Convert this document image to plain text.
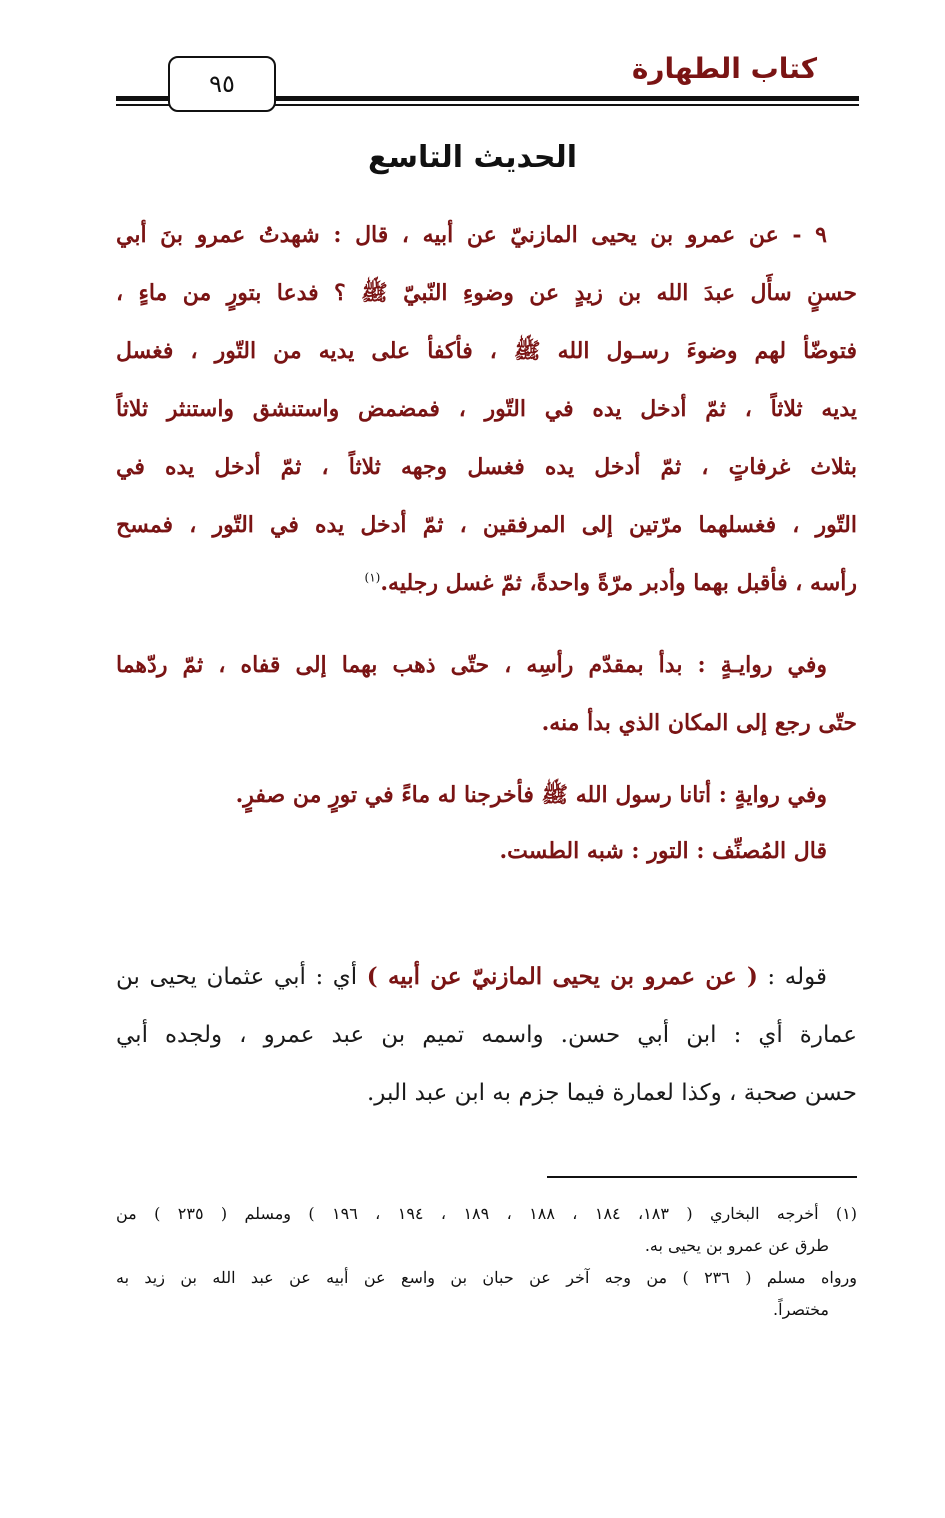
كتاب الطهارة
٩٥
الحديث التاسع
٩ - عن عمرو بن يحيى المازنيّ عن أبيه ، قال : شهدتُ عمرو بنَ أبي
حسنٍ سأَل عبدَ الله بن زيدٍ عن وضوءِ النّبيّ ﷺ ؟ فدعا بتورٍ من ماءٍ ،
فتوضّأ لهم وضوءَ رسـول الله ﷺ ، فأكفأ على يديه من التّور ، فغسل
يديه ثلاثاً ، ثمّ أدخل يده في التّور ، فمضمض واستنشق واستنثر ثلاثاً
بثلاث غرفاتٍ ، ثمّ أدخل يده فغسل وجهه ثلاثاً ، ثمّ أدخل يده في
التّور ، فغسلهما مرّتين إلى المرفقين ، ثمّ أدخل يده في التّور ، فمسح
رأسه ، فأقبل بهما وأدبر مرّةً واحدةً، ثمّ غسل رجليه.$^{(١)}$
وفي روايـةٍ : بدأ بمقدّم رأسِه ، حتّى ذهب بهما إلى قفاه ، ثمّ ردّهما
حتّى رجع إلى المكان الذي بدأ منه.
وفي روايةٍ : أتانا رسول الله ﷺ فأخرجنا له ماءً في تورٍ من صفرٍ.
قال المُصنِّف : التور : شبه الطست.
قوله : ( عن عمرو بن يحيى المازنيّ عن أبيه ) أي : أبي عثمان يحيى بن
عمارة أي : ابن أبي حسن. واسمه تميم بن عبد عمرو ، ولجده أبي
حسن صحبة ، وكذا لعمارة فيما جزم به ابن عبد البر.
(١) أخرجه البخاري ( ١٨٣، ١٨٤ ، ١٨٨ ، ١٨٩ ، ١٩٤ ، ١٩٦ ) ومسلم ( ٢٣٥ ) من
طرق عن عمرو بن يحيى به.
ورواه مسلم ( ٢٣٦ ) من وجه آخر عن حبان بن واسع عن أبيه عن عبد الله بن زيد به
مختصراً.
